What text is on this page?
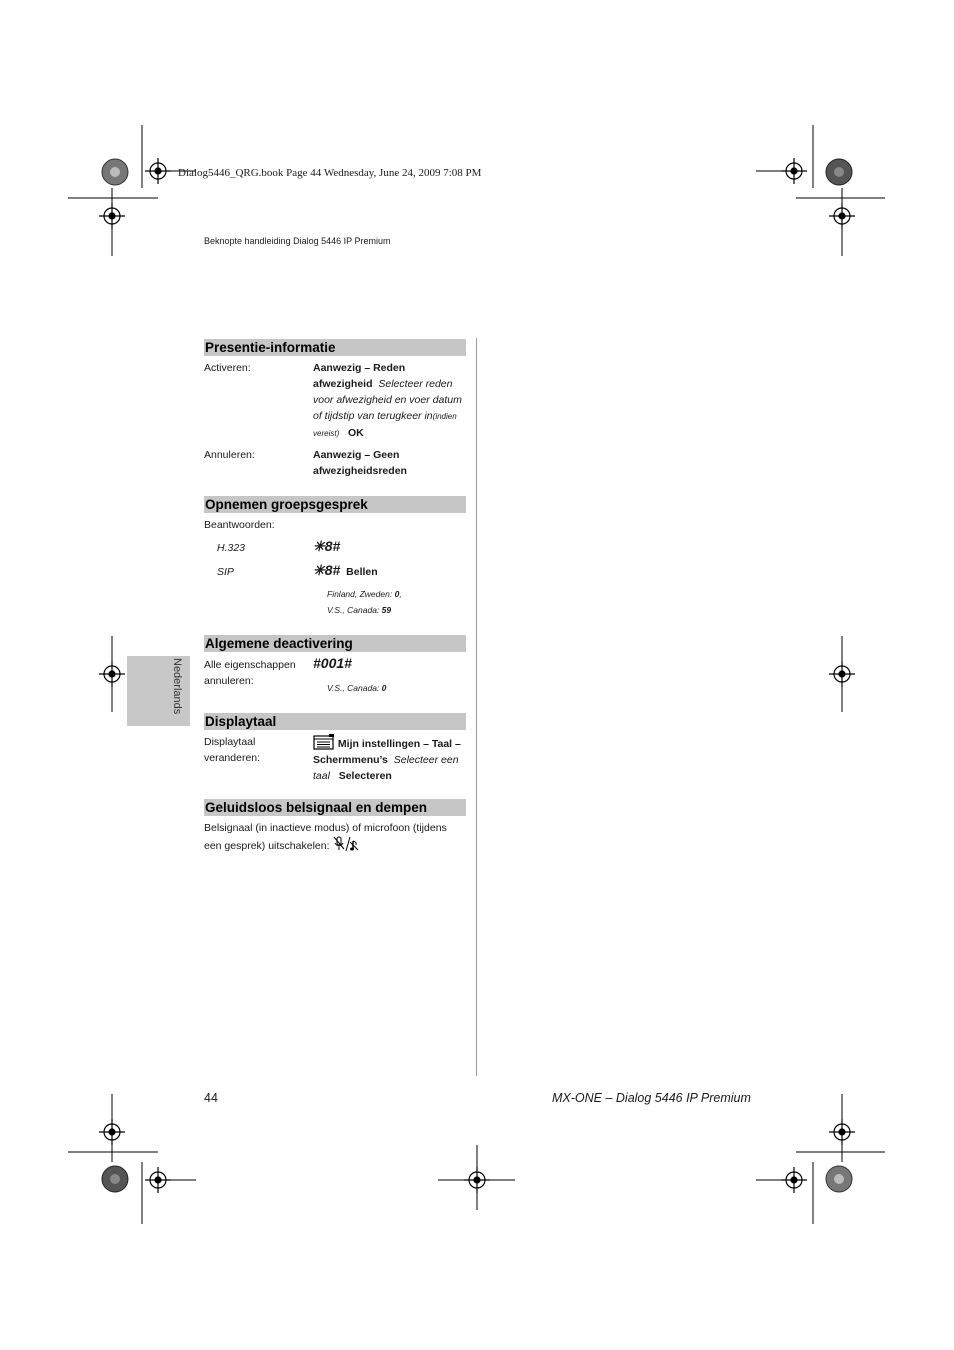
Dialog5446_QRG.book Page 44 Wednesday, June 24, 2009 7:08 PM
Beknopte handleiding Dialog 5446 IP Premium
Nederlands
Presentie-informatie
Activeren:	Aanwezig – Reden afwezigheid Selecteer reden voor afwezigheid en voer datum of tijdstip van terugkeer in(indien vereist) OK
Annuleren:	Aanwezig – Geen afwezigheidsreden
Opnemen groepsgesprek
Beantwoorden:
H.323	✳8#
SIP	✳8# Bellen
Finland, Zweden: 0,
V.S., Canada: 59
Algemene deactivering
Alle eigenschappen annuleren:
#001#
V.S., Canada: 0
Displaytaal
Displaytaal veranderen:
Mijn instellingen – Taal – Schermmenu’s Selecteer een taal Selecteren
Geluidsloos belsignaal en dempen
Belsignaal (in inactieve modus) of microfoon (tijdens een gesprek) uitschakelen:
44	MX-ONE – Dialog 5446 IP Premium
